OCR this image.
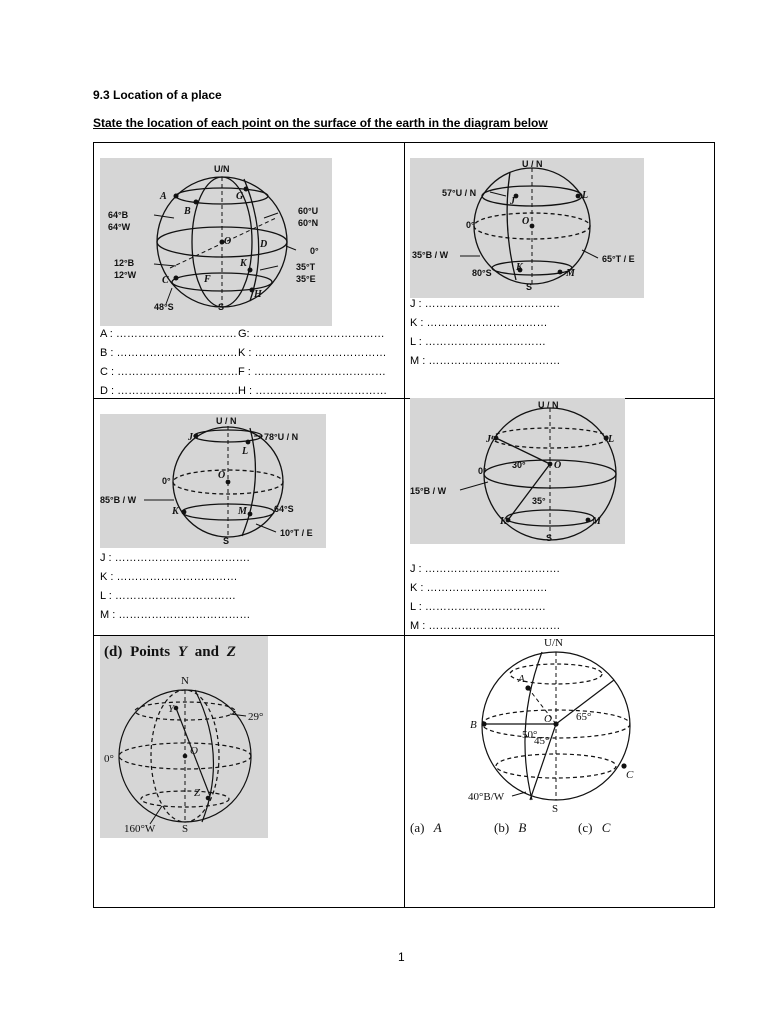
9.3 Location of a place
State the location of each point on the surface of the earth in the diagram below
U/N
A	G
B
O	D
K
C	F
H
64°B
64°W
60°U
60°N
0°
12°B
12°W
35°T
35°E
48°S	S
A : …………………………… G: ………………………………
B : …………………………… K : ………………………………
C : …………………………… F : ………………………………
D : …………………………… H : ………………………………
U / N
57°U / N
J
L
0°	O
35°B / W	65°T / E
80°S K
M
S
J : ……………………………….
K : ……………………………
L : ……………………………
M : ………………………………
U / N
J	78°U / N
L
0°	O
85°B / W
K	M	64°S
10°T / E
S
J : ……………………………….
K : ……………………………
L : ……………………………
M : ………………………………
U / N
J	L
0°
30°	O
15°B / W
35°
K	M
S
J : ……………………………….
K : ……………………………
L : ……………………………
M : ………………………………
(d) Points Y and Z
N
Y
29°
0°
O
Z
160°W S
U/N
A
B	O 65°
50°
45°
C
40°B/W
S
(a) A	(b) B	(c) C
1
